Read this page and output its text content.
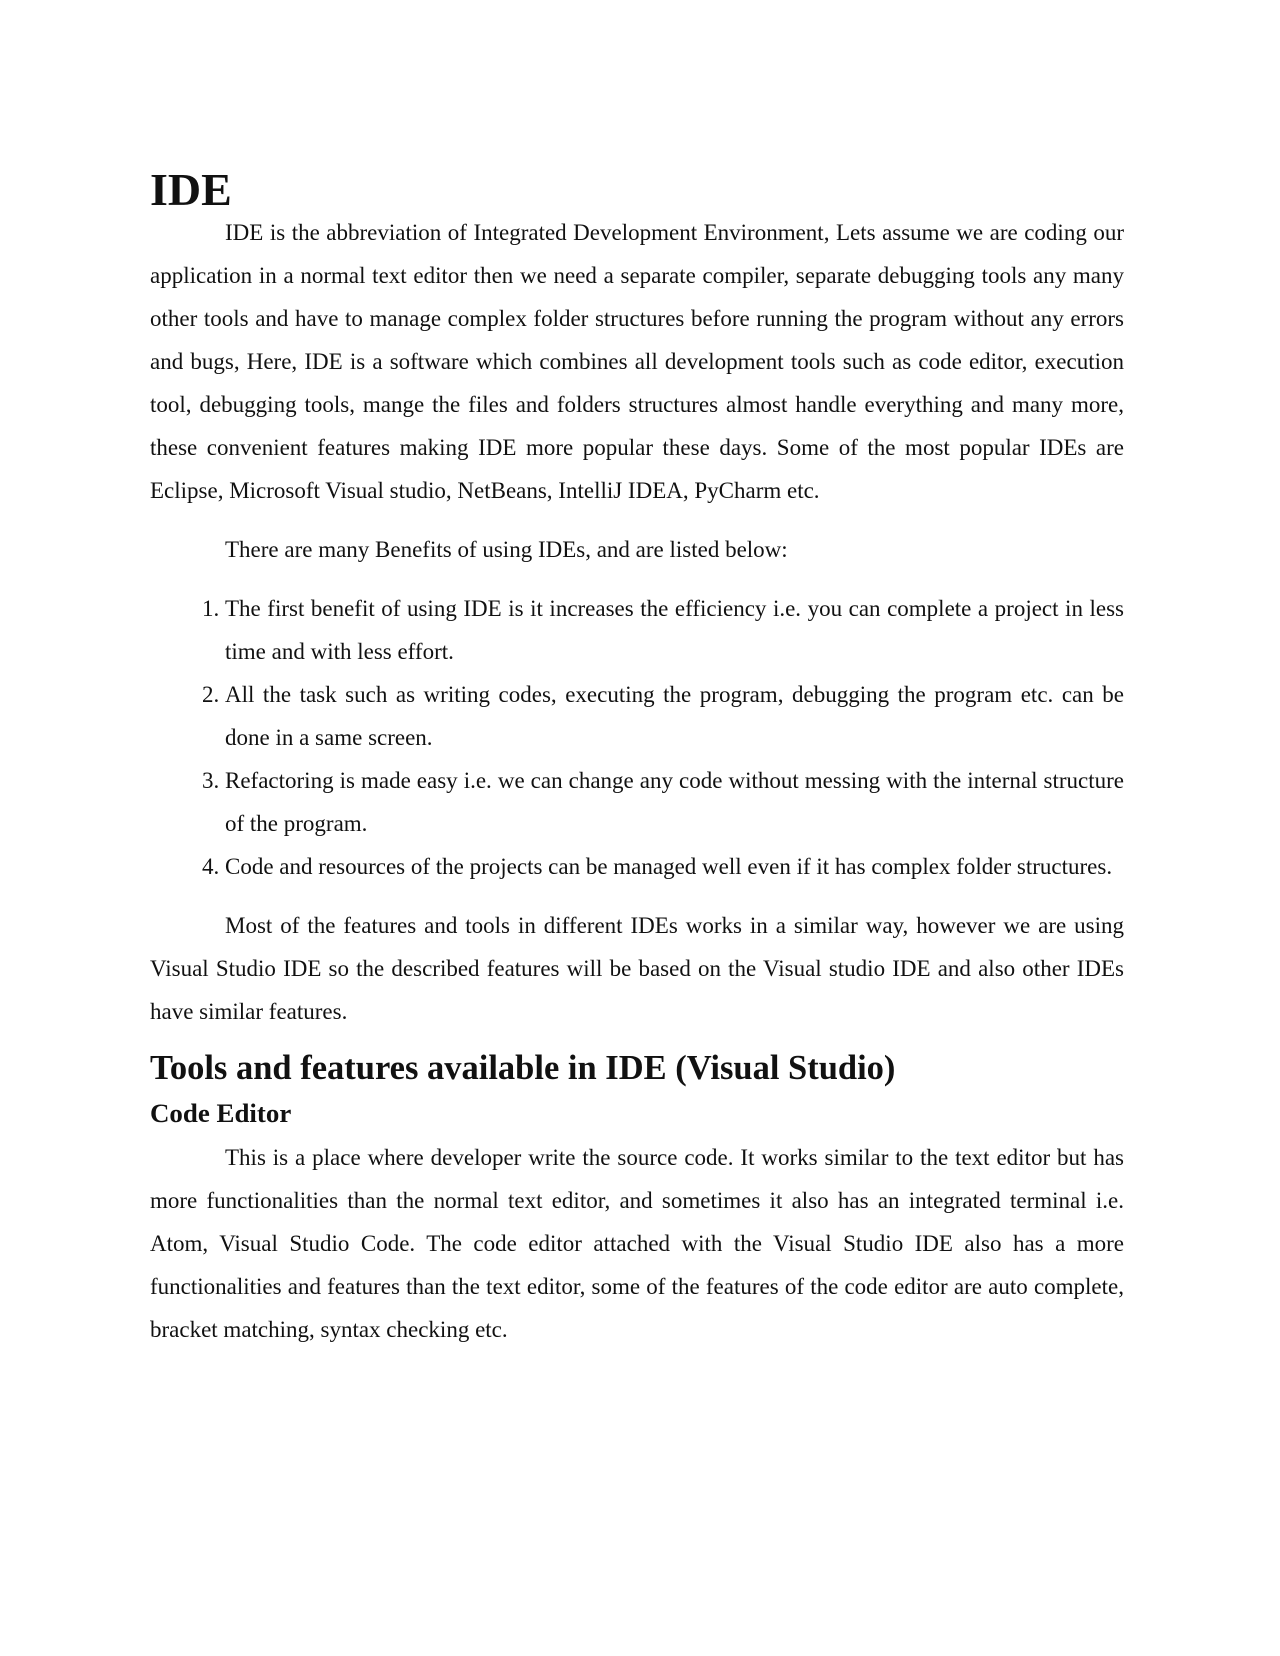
IDE

IDE is the abbreviation of Integrated Development Environment, Lets assume we are coding our application in a normal text editor then we need a separate compiler, separate debugging tools any many other tools and have to manage complex folder structures before running the program without any errors and bugs, Here, IDE is a software which combines all development tools such as code editor, execution tool, debugging tools, mange the files and folders structures almost handle everything and many more, these convenient features making IDE more popular these days. Some of the most popular IDEs are Eclipse, Microsoft Visual studio, NetBeans, IntelliJ IDEA, PyCharm etc.

There are many Benefits of using IDEs, and are listed below:

1. The first benefit of using IDE is it increases the efficiency i.e. you can complete a project in less time and with less effort.
2. All the task such as writing codes, executing the program, debugging the program etc. can be done in a same screen.
3. Refactoring is made easy i.e. we can change any code without messing with the internal structure of the program.
4. Code and resources of the projects can be managed well even if it has complex folder structures.

Most of the features and tools in different IDEs works in a similar way, however we are using Visual Studio IDE so the described features will be based on the Visual studio IDE and also other IDEs have similar features.

Tools and features available in IDE (Visual Studio)
Code Editor

This is a place where developer write the source code. It works similar to the text editor but has more functionalities than the normal text editor, and sometimes it also has an integrated terminal i.e. Atom, Visual Studio Code. The code editor attached with the Visual Studio IDE also has a more functionalities and features than the text editor, some of the features of the code editor are auto complete, bracket matching, syntax checking etc.
